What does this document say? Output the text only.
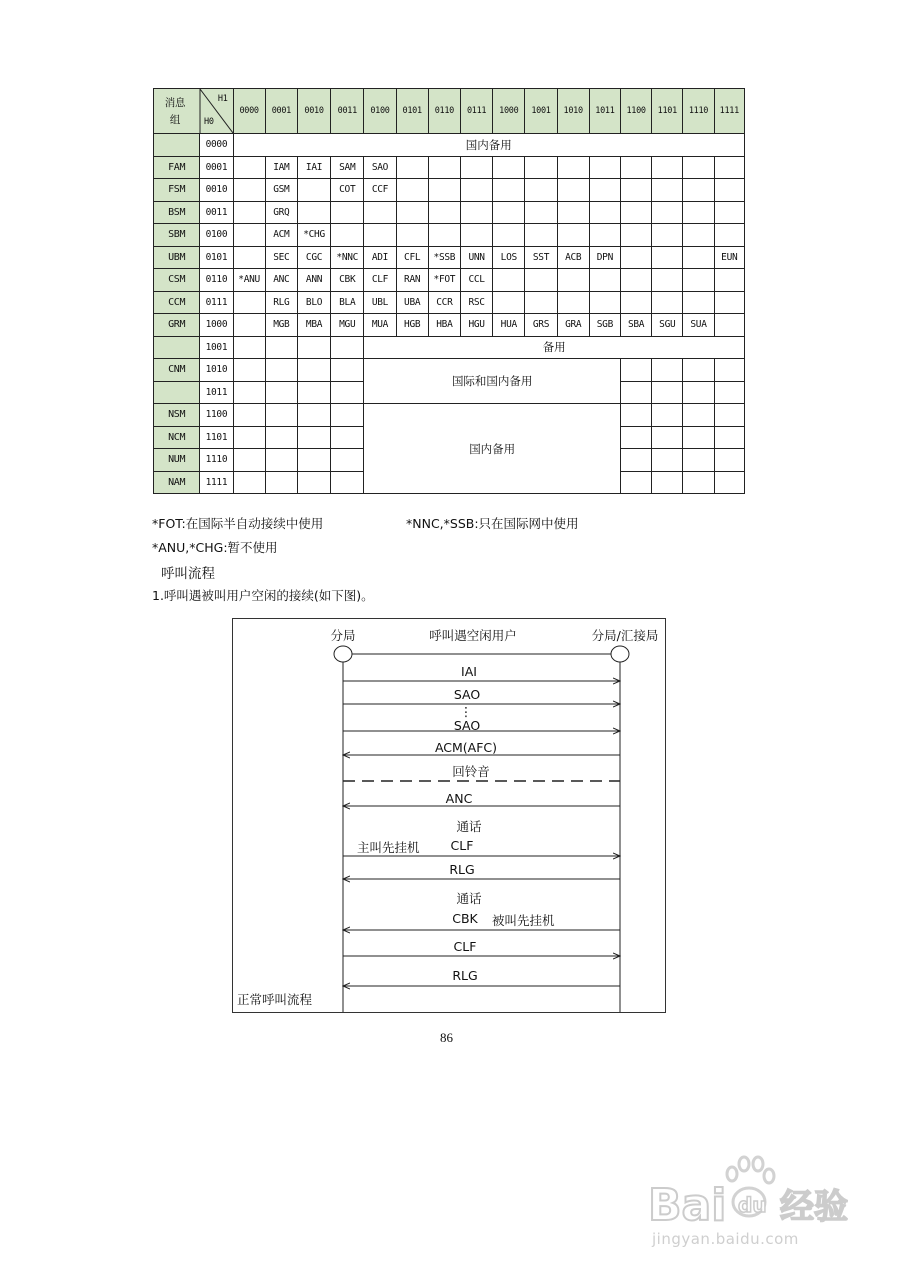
消息
组
H1
H0		0000	0001	0010	0011	0100	0101	0110	0111	1000	1001	1010	1011	1100	1101	1110	1111
	0000	国内备用															
FAM	0001		IAM	IAI	SAM	SAO											
FSM	0010		GSM		COT	CCF											
BSM	0011		GRQ														
SBM	0100		ACM	*CHG													
UBM	0101		SEC	CGC	*NNC	ADI	CFL	*SSB	UNN	LOS	SST	ACB	DPN				EUN
CSM	0110	*ANU	ANC	ANN	CBK	CLF	RAN	*FOT	CCL								
CCM	0111		RLG	BLO	BLA	UBL	UBA	CCR	RSC								
GRM	1000		MGB	MBA	MGU	MUA	HGB	HBA	HGU	HUA	GRS	GRA	SGB	SBA	SGU	SUA	
	1001					备用											
CNM	1010					国际和国内备用											
	1011																
NSM	1100					国内备用											
NCM	1101																
NUM	1110																
NAM	1111																
*FOT:在国际半自动接续中使用	*NNC,*SSB:只在国际网中使用
*ANU,*CHG:暂不使用
呼叫流程
1.呼叫遇被叫用户空闲的接续(如下图)。
分局	呼叫遇空闲用户	分局/汇接局
IAI
SAO
⋮
SAO
ACM(AFC)
回铃音
ANC
通话
主叫先挂机 CLF
RLG
通话
CBK 被叫先挂机
CLF
RLG
正常呼叫流程
86
Bai du 经验
jingyan.baidu.com
